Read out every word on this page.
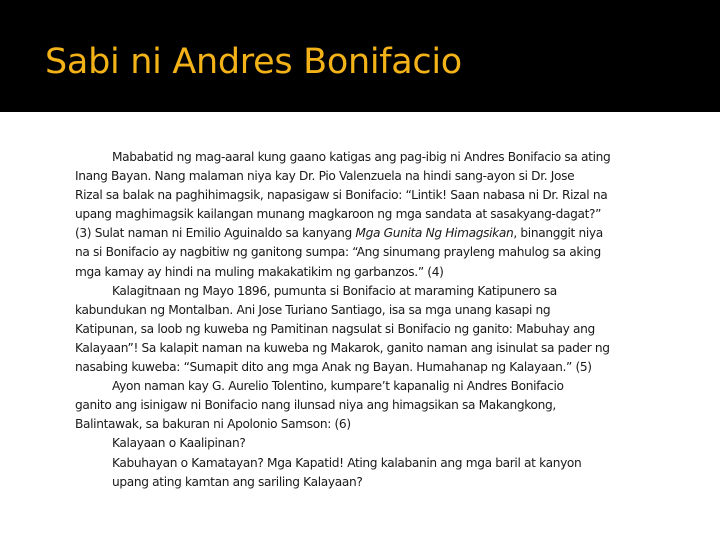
Sabi ni Andres Bonifacio
Mababatid ng mag-aaral kung gaano katigas ang pag-ibig ni Andres Bonifacio sa ating
Inang Bayan. Nang malaman niya kay Dr. Pio Valenzuela na hindi sang-ayon si Dr. Jose
Rizal sa balak na paghihimagsik, napasigaw si Bonifacio: “Lintik! Saan nabasa ni Dr. Rizal na
upang maghimagsik kailangan munang magkaroon ng mga sandata at sasakyang-dagat?”
(3) Sulat naman ni Emilio Aguinaldo sa kanyang Mga Gunita Ng Himagsikan, binanggit niya
na si Bonifacio ay nagbitiw ng ganitong sumpa: “Ang sinumang prayleng mahulog sa aking
mga kamay ay hindi na muling makakatikim ng garbanzos.” (4)
Kalagitnaan ng Mayo 1896, pumunta si Bonifacio at maraming Katipunero sa
kabundukan ng Montalban. Ani Jose Turiano Santiago, isa sa mga unang kasapi ng
Katipunan, sa loob ng kuweba ng Pamitinan nagsulat si Bonifacio ng ganito: Mabuhay ang
Kalayaan”! Sa kalapit naman na kuweba ng Makarok, ganito naman ang isinulat sa pader ng
nasabing kuweba: “Sumapit dito ang mga Anak ng Bayan. Humahanap ng Kalayaan.” (5)
Ayon naman kay G. Aurelio Tolentino, kumpare’t kapanalig ni Andres Bonifacio
ganito ang isinigaw ni Bonifacio nang ilunsad niya ang himagsikan sa Makangkong,
Balintawak, sa bakuran ni Apolonio Samson: (6)
Kalayaan o Kaalipinan?
Kabuhayan o Kamatayan? Mga Kapatid! Ating kalabanin ang mga baril at kanyon
upang ating kamtan ang sariling Kalayaan?
